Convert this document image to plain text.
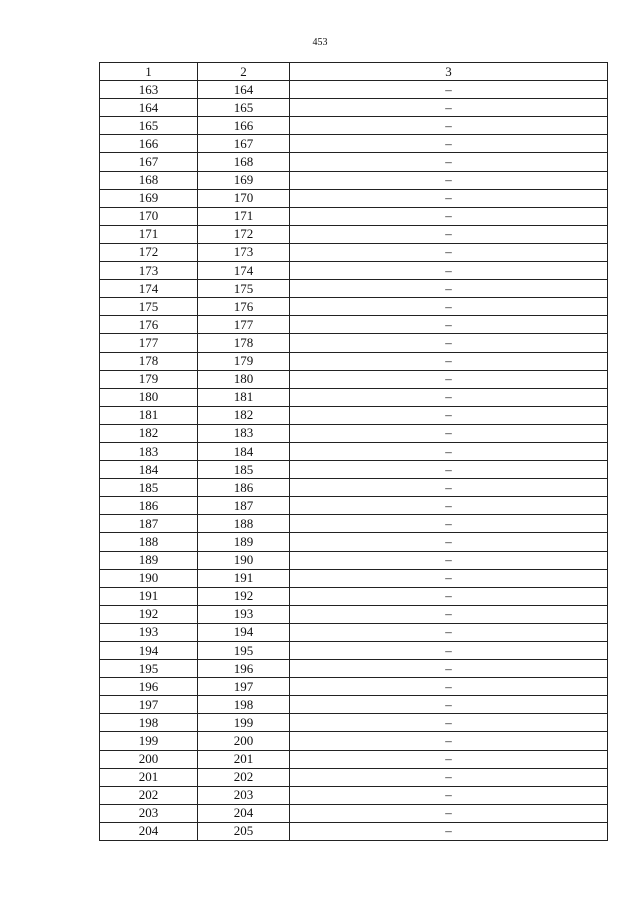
453
1	2	3
163	164	–
164	165	–
165	166	–
166	167	–
167	168	–
168	169	–
169	170	–
170	171	–
171	172	–
172	173	–
173	174	–
174	175	–
175	176	–
176	177	–
177	178	–
178	179	–
179	180	–
180	181	–
181	182	–
182	183	–
183	184	–
184	185	–
185	186	–
186	187	–
187	188	–
188	189	–
189	190	–
190	191	–
191	192	–
192	193	–
193	194	–
194	195	–
195	196	–
196	197	–
197	198	–
198	199	–
199	200	–
200	201	–
201	202	–
202	203	–
203	204	–
204	205	–
